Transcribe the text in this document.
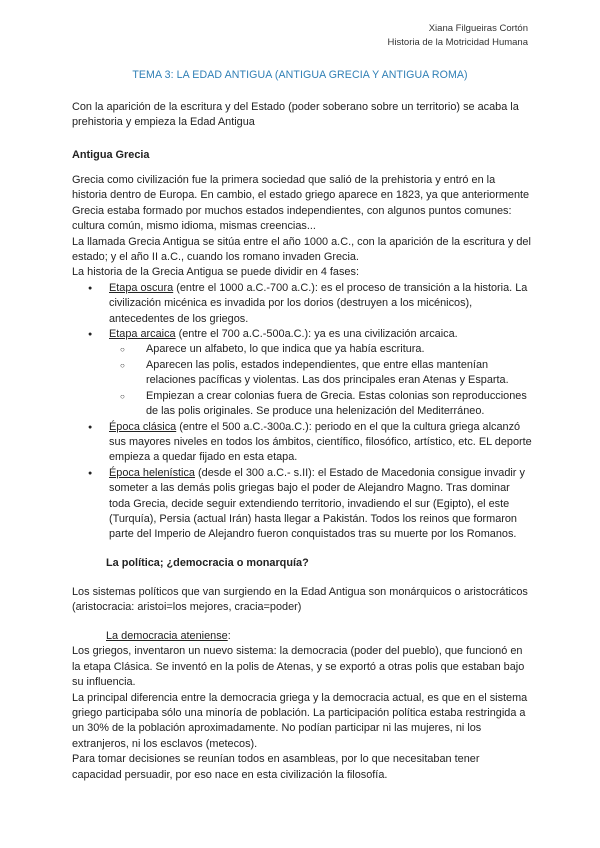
Xiana Filgueiras Cortón
Historia de la Motricidad Humana
TEMA 3: LA EDAD ANTIGUA (ANTIGUA GRECIA Y ANTIGUA ROMA)

Con la aparición de la escritura y del Estado (poder soberano sobre un territorio) se acaba la prehistoria y empieza la Edad Antigua

Antigua Grecia

Grecia como civilización fue la primera sociedad que salió de la prehistoria y entró en la historia dentro de Europa. En cambio, el estado griego aparece en 1823, ya que anteriormente Grecia estaba formado por muchos estados independientes, con algunos puntos comunes: cultura común, mismo idioma, mismas creencias...

La llamada Grecia Antigua se sitúa entre el año 1000 a.C., con la aparición de la escritura y del estado; y el año II a.C., cuando los romano invaden Grecia.

La historia de la Grecia Antigua se puede dividir en 4 fases:

● Etapa oscura (entre el 1000 a.C.-700 a.C.): es el proceso de transición a la historia. La civilización micénica es invadida por los dorios (destruyen a los micénicos), antecedentes de los griegos.
● Etapa arcaica (entre el 700 a.C.-500a.C.): ya es una civilización arcaica.
○ Aparece un alfabeto, lo que indica que ya había escritura.
○ Aparecen las polis, estados independientes, que entre ellas mantenían relaciones pacíficas y violentas. Las dos principales eran Atenas y Esparta.
○ Empiezan a crear colonias fuera de Grecia. Estas colonias son reproducciones de las polis originales. Se produce una helenización del Mediterráneo.
● Época clásica (entre el 500 a.C.-300a.C.): periodo en el que la cultura griega alcanzó sus mayores niveles en todos los ámbitos, científico, filosófico, artístico, etc. EL deporte empieza a quedar fijado en esta etapa.
● Época helenística (desde el 300 a.C.- s.II): el Estado de Macedonia consigue invadir y someter a las demás polis griegas bajo el poder de Alejandro Magno. Tras dominar toda Grecia, decide seguir extendiendo territorio, invadiendo el sur (Egipto), el este (Turquía), Persia (actual Irán) hasta llegar a Pakistán. Todos los reinos que formaron parte del Imperio de Alejandro fueron conquistados tras su muerte por los Romanos.

La política; ¿democracia o monarquía?

Los sistemas políticos que van surgiendo en la Edad Antigua son monárquicos o aristocráticos (aristocracia: aristoi=los mejores, cracia=poder)

La democracia ateniense:

Los griegos, inventaron un nuevo sistema: la democracia (poder del pueblo), que funcionó en la etapa Clásica. Se inventó en la polis de Atenas, y se exportó a otras polis que estaban bajo su influencia.

La principal diferencia entre la democracia griega y la democracia actual, es que en el sistema griego participaba sólo una minoría de población. La participación política estaba restringida a un 30% de la población aproximadamente. No podían participar ni las mujeres, ni los extranjeros, ni los esclavos (metecos).

Para tomar decisiones se reunían todos en asambleas, por lo que necesitaban tener capacidad persuadir, por eso nace en esta civilización la filosofía.
